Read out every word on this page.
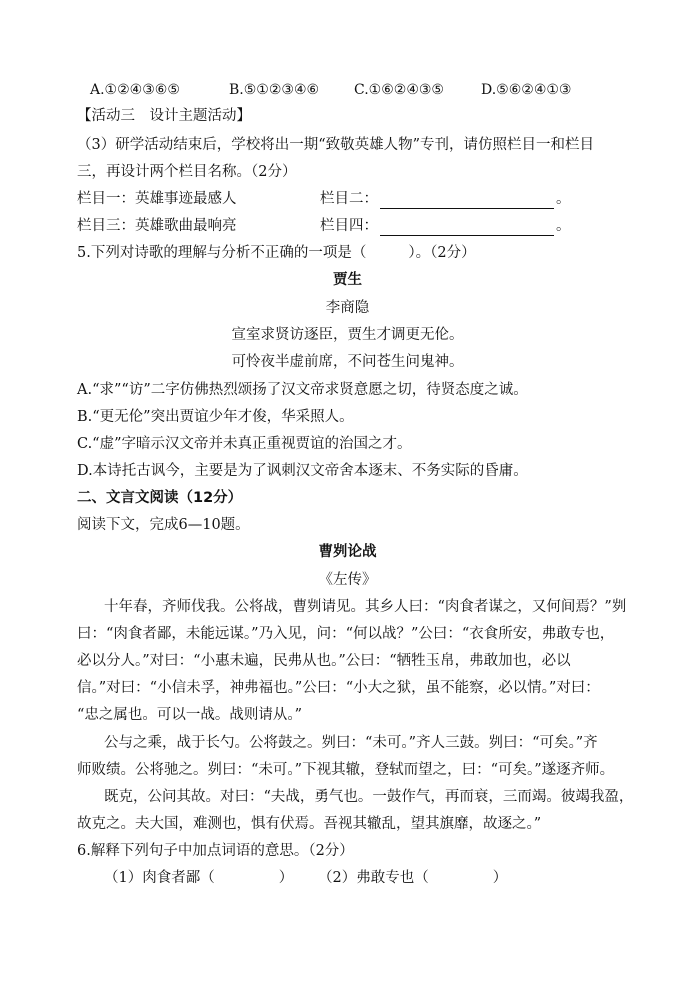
A.①②④③⑥⑤	B.⑤①②③④⑥ C.①⑥②④③⑤	D.⑤⑥②④①③
【活动三　设计主题活动】
（3）研学活动结束后，学校将出一期“致敬英雄人物”专刊，请仿照栏目一和栏目
三，再设计两个栏目名称。（2分）
栏目一：英雄事迹最感人	栏目二：	。
栏目三：英雄歌曲最响亮	栏目四：	。
5.下列对诗歌的理解与分析不正确的一项是（	）。（2分）
贾生
李商隐
宣室求贤访逐臣，贾生才调更无伦。
可怜夜半虚前席，不问苍生问鬼神。
A.“求”“访”二字仿佛热烈颂扬了汉文帝求贤意愿之切，待贤态度之诚。
B.“更无伦”突出贾谊少年才俊，华采照人。
C.“虚”字暗示汉文帝并未真正重视贾谊的治国之才。
D.本诗托古讽今，主要是为了讽刺汉文帝舍本逐末、不务实际的昏庸。
二、文言文阅读（12分）
阅读下文，完成6—10题。
曹刿论战
《左传》
十年春，齐师伐我。公将战，曹刿请见。其乡人曰：“肉食者谋之，又何间焉？”刿
曰：“肉食者鄙，未能远谋。”乃入见，问：“何以战？”公曰：“衣食所安，弗敢专也，
必以分人。”对曰：“小惠未遍，民弗从也。”公曰：“牺牲玉帛，弗敢加也，必以
信。”对曰：“小信未孚，神弗福也。”公曰：“小大之狱，虽不能察，必以情。”对曰：
“忠之属也。可以一战。战则请从。”
公与之乘，战于长勺。公将鼓之。刿曰：“未可。”齐人三鼓。刿曰：“可矣。”齐
师败绩。公将驰之。刿曰：“未可。”下视其辙，登轼而望之，曰：“可矣。”遂逐齐师。
既克，公问其故。对曰：“夫战，勇气也。一鼓作气，再而衰，三而竭。彼竭我盈，
故克之。夫大国，难测也，惧有伏焉。吾视其辙乱，望其旗靡，故逐之。”
6.解释下列句子中加点词语的意思。（2分）
（1）肉食者鄙（	） （2）弗敢专也（	）
